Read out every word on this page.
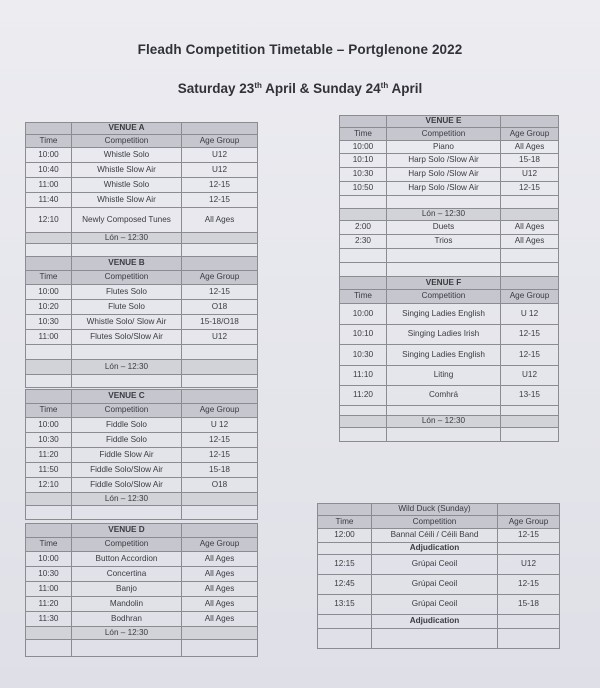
Fleadh Competition Timetable – Portglenone 2022
Saturday 23th April & Sunday 24th April
	VENUE A	
Time	Competition	Age Group
10:00	Whistle Solo	U12
10:40	Whistle Slow Air	U12
11:00	Whistle Solo	12-15
11:40	Whistle Slow Air	12-15
12:10	Newly Composed Tunes	All Ages
	Lón – 12:30	

	VENUE B	
Time	Competition	Age Group
10:00	Flutes Solo	12-15
10:20	Flute Solo	O18
10:30	Whistle Solo/ Slow Air	15-18/O18
11:00	Flutes Solo/Slow Air	U12

	Lón – 12:30	

	VENUE C	
Time	Competition	Age Group
10:00	Fiddle Solo	U 12
10:30	Fiddle Solo	12-15
11:20	Fiddle Slow Air	12-15
11:50	Fiddle Solo/Slow Air	15-18
12:10	Fiddle Solo/Slow Air	O18
	Lón – 12:30	

	VENUE D	
Time	Competition	Age Group
10:00	Button Accordion	All Ages
10:30	Concertina	All Ages
11:00	Banjo	All Ages
11:20	Mandolin	All Ages
11:30	Bodhran	All Ages
	Lón – 12:30	

	VENUE E	
Time	Competition	Age Group
10:00	Piano	All Ages
10:10	Harp Solo /Slow Air	15-18
10:30	Harp Solo /Slow Air	U12
10:50	Harp Solo /Slow Air	12-15

	Lón – 12:30	
2:00	Duets	All Ages
2:30	Trios	All Ages

	VENUE F	
Time	Competition	Age Group
10:00	Singing Ladies English	U 12
10:10	Singing Ladies Irish	12-15
10:30	Singing Ladies English	12-15
11:10	Liting	U12
11:20	Comhrá	13-15

	Lón – 12:30	

	Wild Duck (Sunday)	
Time	Competition	Age Group
12:00	Bannal Céili / Céili Band	12-15
	Adjudication	
12:15	Grúpai Ceoil	U12
12:45	Grúpai Ceoil	12-15
13:15	Grúpai Ceoil	15-18
	Adjudication	
